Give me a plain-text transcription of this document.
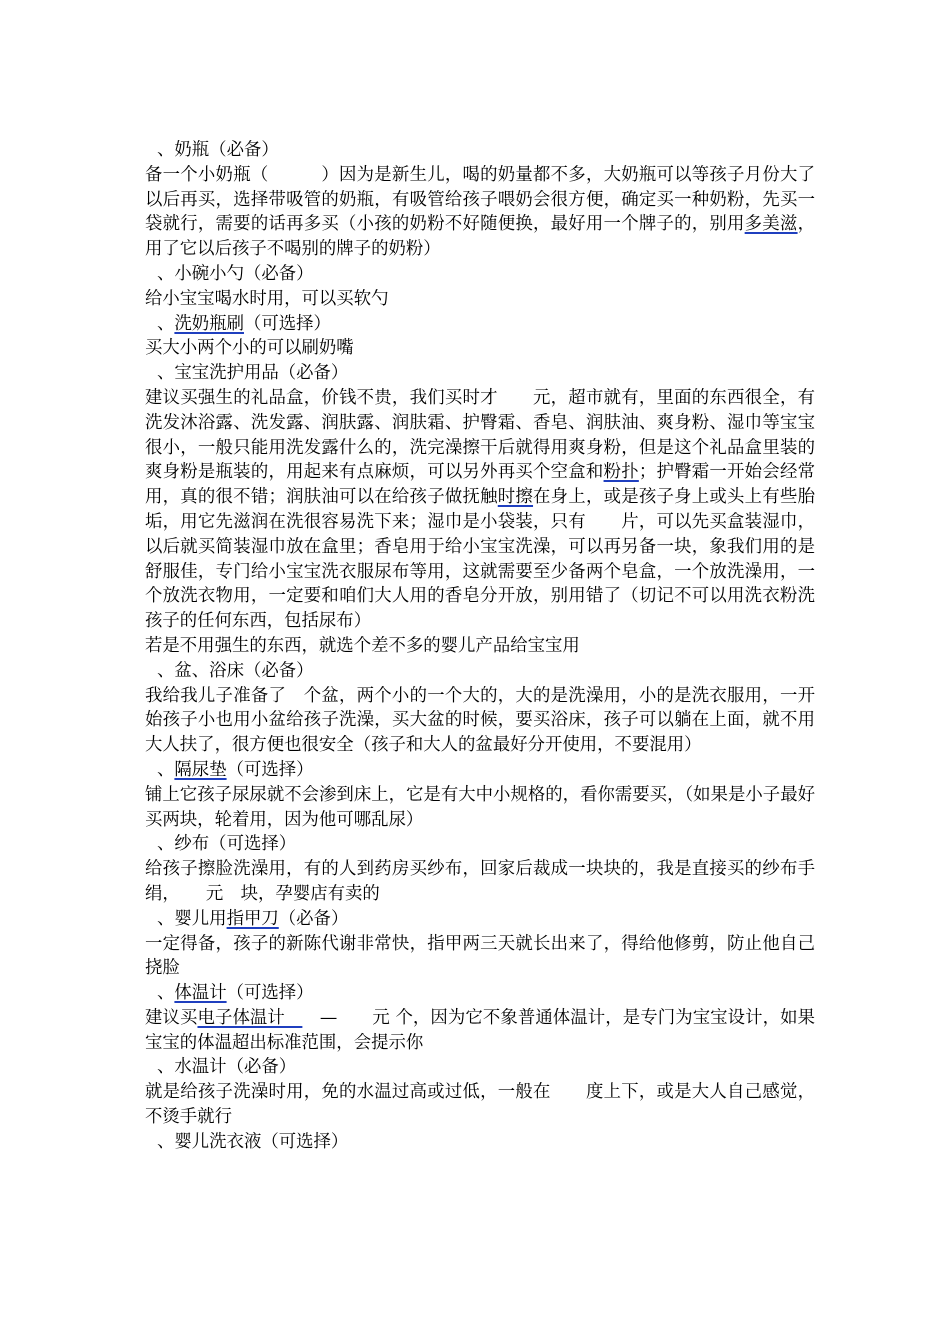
、奶瓶（必备）
备一个小奶瓶（　　　）因为是新生儿，喝的奶量都不多，大奶瓶可以等孩子月份大了以后再买，选择带吸管的奶瓶，有吸管给孩子喂奶会很方便，确定买一种奶粉，先买一袋就行，需要的话再多买（小孩的奶粉不好随便换，最好用一个牌子的，别用多美滋，用了它以后孩子不喝别的牌子的奶粉）
、小碗小勺（必备）
给小宝宝喝水时用，可以买软勺
、洗奶瓶刷（可选择）
买大小两个小的可以刷奶嘴
、宝宝洗护用品（必备）
建议买强生的礼品盒，价钱不贵，我们买时才　　元，超市就有，里面的东西很全，有洗发沐浴露、洗发露、润肤露、润肤霜、护臀霜、香皂、润肤油、爽身粉、湿巾等宝宝很小，一般只能用洗发露什么的，洗完澡擦干后就得用爽身粉，但是这个礼品盒里装的爽身粉是瓶装的，用起来有点麻烦，可以另外再买个空盒和粉扑；护臀霜一开始会经常用，真的很不错；润肤油可以在给孩子做抚触时擦在身上，或是孩子身上或头上有些胎垢，用它先滋润在洗很容易洗下来；湿巾是小袋装，只有　　片，可以先买盒装湿巾，以后就买简装湿巾放在盒里；香皂用于给小宝宝洗澡，可以再另备一块，象我们用的是舒服佳，专门给小宝宝洗衣服尿布等用，这就需要至少备两个皂盒，一个放洗澡用，一个放洗衣物用，一定要和咱们大人用的香皂分开放，别用错了（切记不可以用洗衣粉洗孩子的任何东西，包括尿布）
若是不用强生的东西，就选个差不多的婴儿产品给宝宝用
、盆、浴床（必备）
我给我儿子准备了　个盆，两个小的一个大的，大的是洗澡用，小的是洗衣服用，一开始孩子小也用小盆给孩子洗澡，买大盆的时候，要买浴床，孩子可以躺在上面，就不用大人扶了，很方便也很安全（孩子和大人的盆最好分开使用，不要混用）
、隔尿垫（可选择）
铺上它孩子尿尿就不会渗到床上，它是有大中小规格的，看你需要买，（如果是小子最好买两块，轮着用，因为他可哪乱尿）
、纱布（可选择）
给孩子擦脸洗澡用，有的人到药房买纱布，回家后裁成一块块的，我是直接买的纱布手绢，　　元　块，孕婴店有卖的
、婴儿用指甲刀（必备）
一定得备，孩子的新陈代谢非常快，指甲两三天就长出来了，得给他修剪，防止他自己挠脸
、体温计（可选择）
建议买电子体温计　　—　　元 个，因为它不象普通体温计，是专门为宝宝设计，如果宝宝的体温超出标准范围，会提示你
、水温计（必备）
就是给孩子洗澡时用，免的水温过高或过低，一般在　　度上下，或是大人自己感觉，不烫手就行
、婴儿洗衣液（可选择）
